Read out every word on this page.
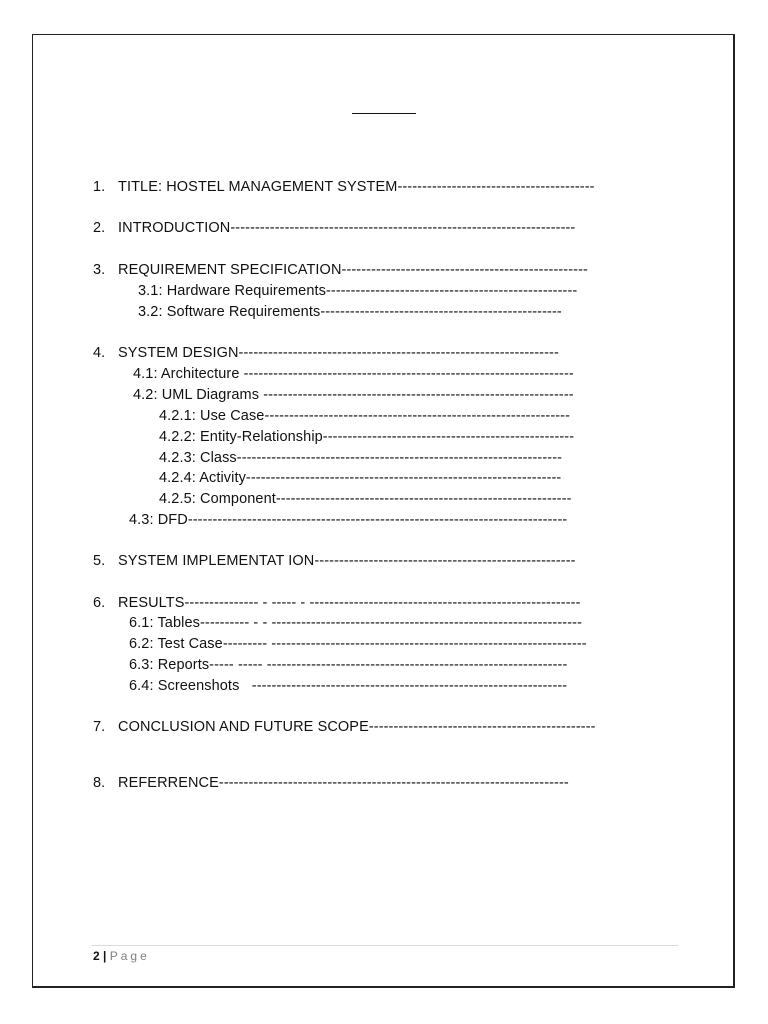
1. TITLE: HOSTEL MANAGEMENT SYSTEM----------------------------------------
2. INTRODUCTION----------------------------------------------------------------------
3. REQUIREMENT SPECIFICATION--------------------------------------------------
3.1: Hardware Requirements---------------------------------------------------
3.2: Software Requirements-------------------------------------------------
4. SYSTEM DESIGN-----------------------------------------------------------------
4.1: Architecture -------------------------------------------------------------------
4.2: UML Diagrams ---------------------------------------------------------------
4.2.1: Use Case--------------------------------------------------------------
4.2.2: Entity-Relationship---------------------------------------------------
4.2.3: Class------------------------------------------------------------------
4.2.4: Activity----------------------------------------------------------------
4.2.5: Component------------------------------------------------------------
4.3: DFD-----------------------------------------------------------------------------
5. SYSTEM IMPLEMENTAT ION-----------------------------------------------------
6. RESULTS--------------- - ----- - -------------------------------------------------------
6.1: Tables---------- - - ---------------------------------------------------------------
6.2: Test Case--------- ----------------------------------------------------------------
6.3: Reports----- ----- -------------------------------------------------------------
6.4: Screenshots   ----------------------------------------------------------------
7. CONCLUSION AND FUTURE SCOPE----------------------------------------------
8. REFERRENCE-----------------------------------------------------------------------
2 | Page
